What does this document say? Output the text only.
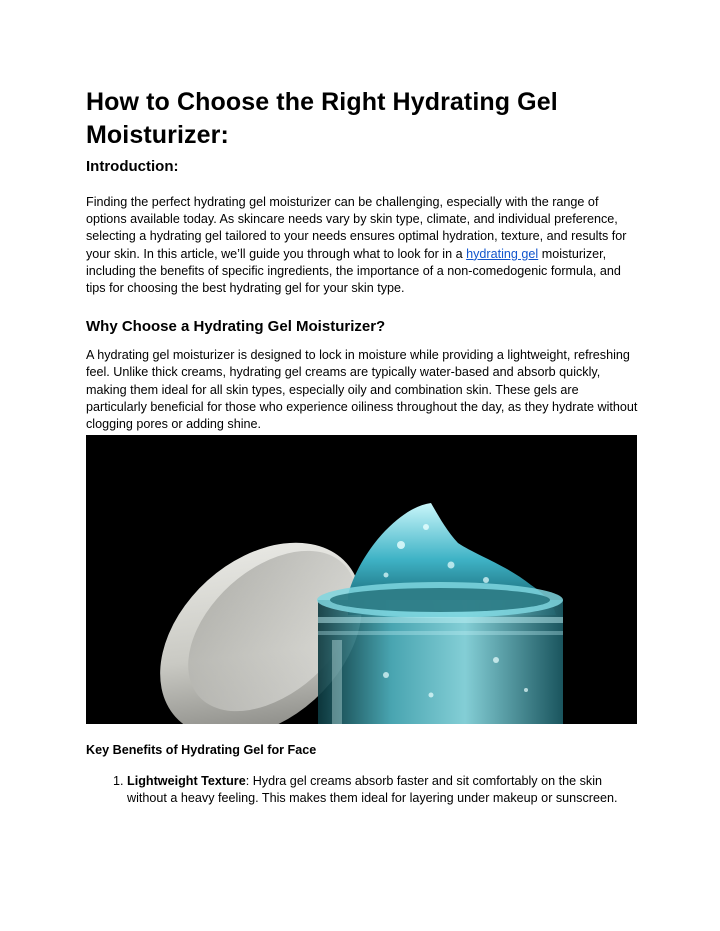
How to Choose the Right Hydrating Gel Moisturizer:
Introduction:

Finding the perfect hydrating gel moisturizer can be challenging, especially with the range of options available today. As skincare needs vary by skin type, climate, and individual preference, selecting a hydrating gel tailored to your needs ensures optimal hydration, texture, and results for your skin. In this article, we’ll guide you through what to look for in a hydrating gel moisturizer, including the benefits of specific ingredients, the importance of a non-comedogenic formula, and tips for choosing the best hydrating gel for your skin type.

Why Choose a Hydrating Gel Moisturizer?

A hydrating gel moisturizer is designed to lock in moisture while providing a lightweight, refreshing feel. Unlike thick creams, hydrating gel creams are typically water-based and absorb quickly, making them ideal for all skin types, especially oily and combination skin. These gels are particularly beneficial for those who experience oiliness throughout the day, as they hydrate without clogging pores or adding shine.

Key Benefits of Hydrating Gel for Face
1. Lightweight Texture: Hydra gel creams absorb faster and sit comfortably on the skin without a heavy feeling. This makes them ideal for layering under makeup or sunscreen.
